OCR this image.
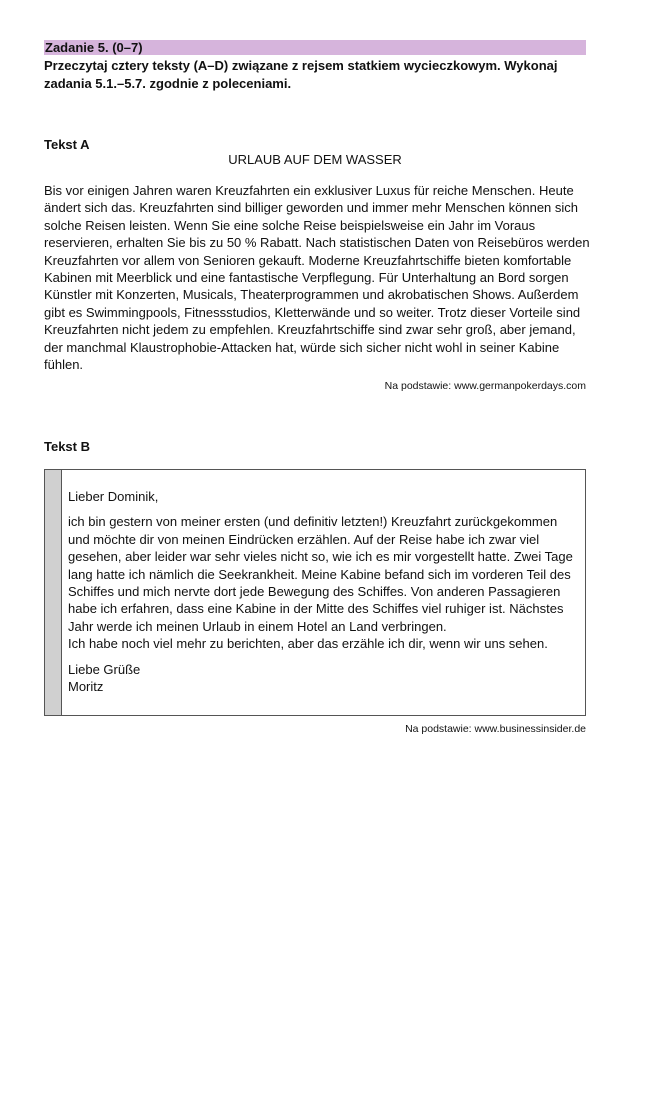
Zadanie 5. (0–7)
Przeczytaj cztery teksty (A–D) związane z rejsem statkiem wycieczkowym. Wykonaj zadania 5.1.–5.7. zgodnie z poleceniami.
Tekst A
URLAUB AUF DEM WASSER
Bis vor einigen Jahren waren Kreuzfahrten ein exklusiver Luxus für reiche Menschen. Heute ändert sich das. Kreuzfahrten sind billiger geworden und immer mehr Menschen können sich solche Reisen leisten. Wenn Sie eine solche Reise beispielsweise ein Jahr im Voraus reservieren, erhalten Sie bis zu 50 % Rabatt. Nach statistischen Daten von Reisebüros werden Kreuzfahrten vor allem von Senioren gekauft. Moderne Kreuzfahrtschiffe bieten komfortable Kabinen mit Meerblick und eine fantastische Verpflegung. Für Unterhaltung an Bord sorgen Künstler mit Konzerten, Musicals, Theaterprogrammen und akrobatischen Shows. Außerdem gibt es Swimmingpools, Fitnessstudios, Kletterwände und so weiter. Trotz dieser Vorteile sind Kreuzfahrten nicht jedem zu empfehlen. Kreuzfahrtschiffe sind zwar sehr groß, aber jemand, der manchmal Klaustrophobie-Attacken hat, würde sich sicher nicht wohl in seiner Kabine fühlen.
Na podstawie: www.germanpokerdays.com
Tekst B

Lieber Dominik,

ich bin gestern von meiner ersten (und definitiv letzten!) Kreuzfahrt zurückgekommen und möchte dir von meinen Eindrücken erzählen. Auf der Reise habe ich zwar viel gesehen, aber leider war sehr vieles nicht so, wie ich es mir vorgestellt hatte. Zwei Tage lang hatte ich nämlich die Seekrankheit. Meine Kabine befand sich im vorderen Teil des Schiffes und mich nervte dort jede Bewegung des Schiffes. Von anderen Passagieren habe ich erfahren, dass eine Kabine in der Mitte des Schiffes viel ruhiger ist. Nächstes Jahr werde ich meinen Urlaub in einem Hotel an Land verbringen.

Ich habe noch viel mehr zu berichten, aber das erzähle ich dir, wenn wir uns sehen.

Liebe Grüße

Moritz

Na podstawie: www.businessinsider.de
